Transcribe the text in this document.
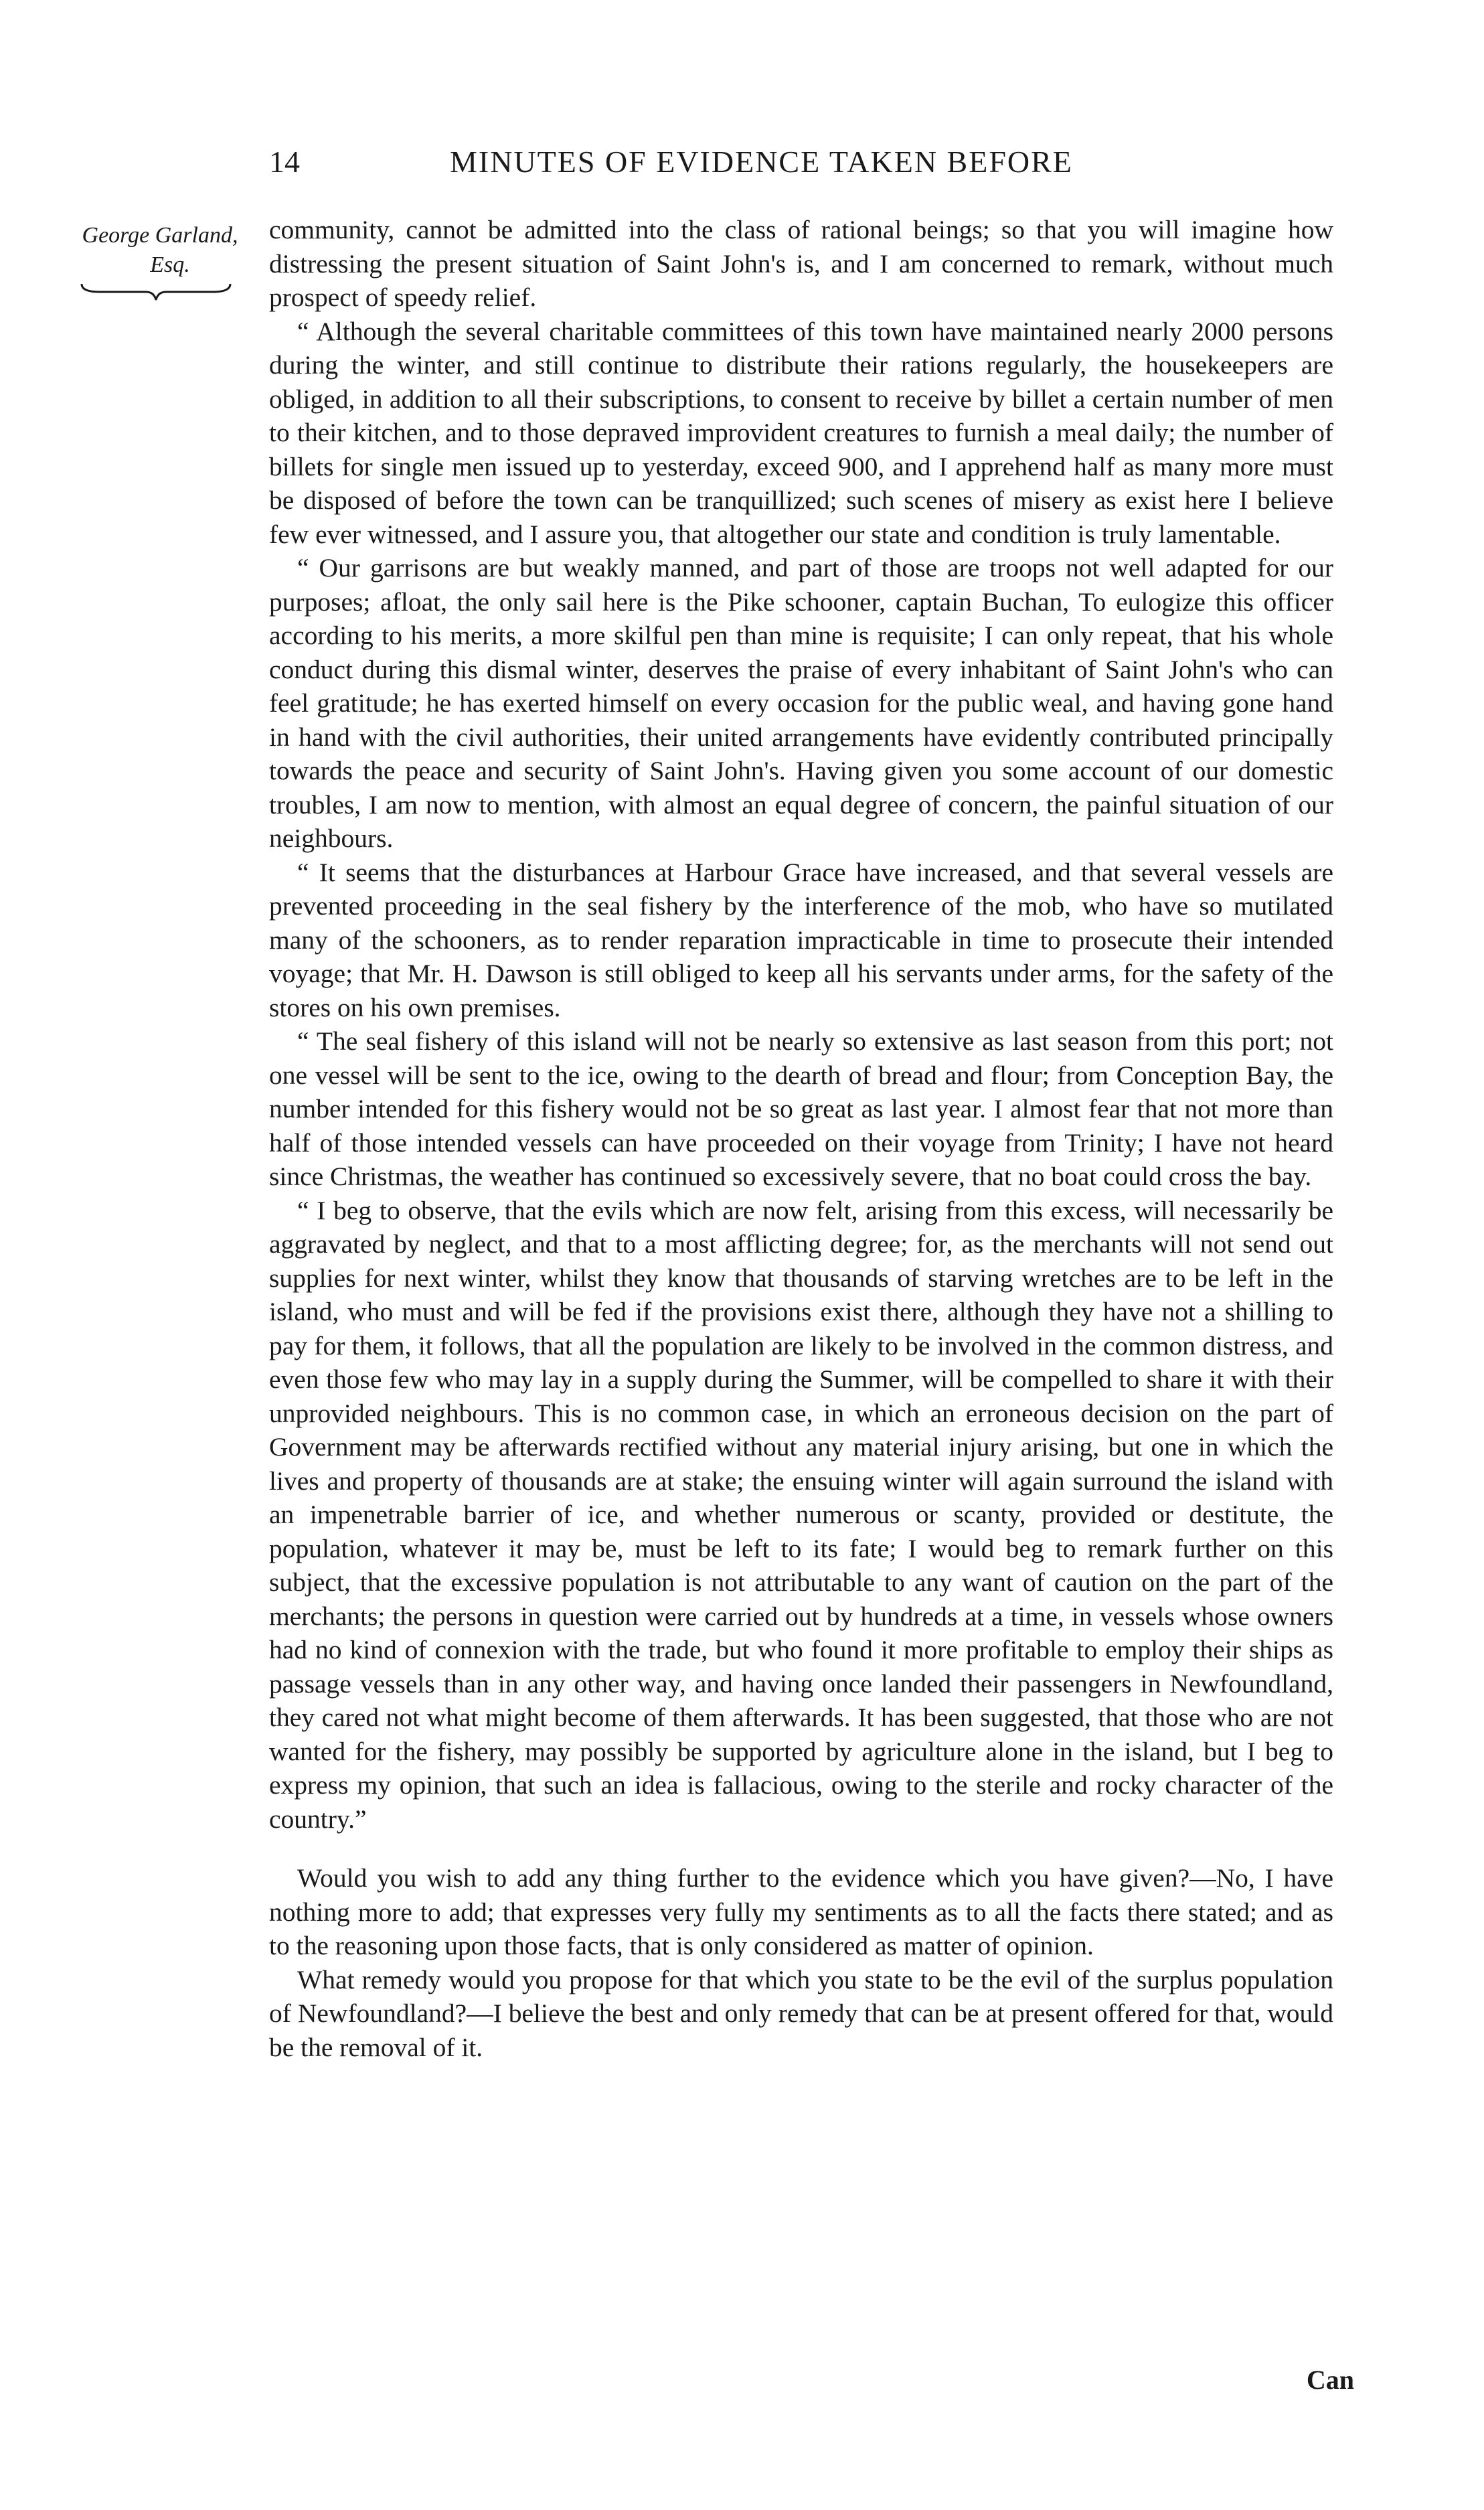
14	MINUTES OF EVIDENCE TAKEN BEFORE
George Garland,
Esq.

community, cannot be admitted into the class of rational beings; so that you will imagine how distressing the present situation of Saint John's is, and I am concerned to remark, without much prospect of speedy relief.

“ Although the several charitable committees of this town have maintained nearly 2000 persons during the winter, and still continue to distribute their rations regularly, the housekeepers are obliged, in addition to all their subscriptions, to consent to receive by billet a certain number of men to their kitchen, and to those depraved improvident creatures to furnish a meal daily; the number of billets for single men issued up to yesterday, exceed 900, and I apprehend half as many more must be disposed of before the town can be tranquillized; such scenes of misery as exist here I believe few ever witnessed, and I assure you, that altogether our state and condition is truly lamentable.

“ Our garrisons are but weakly manned, and part of those are troops not well adapted for our purposes; afloat, the only sail here is the Pike schooner, captain Buchan, To eulogize this officer according to his merits, a more skilful pen than mine is requisite; I can only repeat, that his whole conduct during this dismal winter, deserves the praise of every inhabitant of Saint John's who can feel gratitude; he has exerted himself on every occasion for the public weal, and having gone hand in hand with the civil authorities, their united arrangements have evidently contributed principally towards the peace and security of Saint John's. Having given you some account of our domestic troubles, I am now to mention, with almost an equal degree of concern, the painful situation of our neighbours.

“ It seems that the disturbances at Harbour Grace have increased, and that several vessels are prevented proceeding in the seal fishery by the interference of the mob, who have so mutilated many of the schooners, as to render reparation impracticable in time to prosecute their intended voyage; that Mr. H. Dawson is still obliged to keep all his servants under arms, for the safety of the stores on his own premises.

“ The seal fishery of this island will not be nearly so extensive as last season from this port; not one vessel will be sent to the ice, owing to the dearth of bread and flour; from Conception Bay, the number intended for this fishery would not be so great as last year. I almost fear that not more than half of those intended vessels can have proceeded on their voyage from Trinity; I have not heard since Christmas, the weather has continued so excessively severe, that no boat could cross the bay.

“ I beg to observe, that the evils which are now felt, arising from this excess, will necessarily be aggravated by neglect, and that to a most afflicting degree; for, as the merchants will not send out supplies for next winter, whilst they know that thousands of starving wretches are to be left in the island, who must and will be fed if the provisions exist there, although they have not a shilling to pay for them, it follows, that all the population are likely to be involved in the common distress, and even those few who may lay in a supply during the Summer, will be compelled to share it with their unprovided neighbours. This is no common case, in which an erroneous decision on the part of Government may be afterwards rectified without any material injury arising, but one in which the lives and property of thousands are at stake; the ensuing winter will again surround the island with an impenetrable barrier of ice, and whether numerous or scanty, provided or destitute, the population, whatever it may be, must be left to its fate; I would beg to remark further on this subject, that the excessive population is not attributable to any want of caution on the part of the merchants; the persons in question were carried out by hundreds at a time, in vessels whose owners had no kind of connexion with the trade, but who found it more profitable to employ their ships as passage vessels than in any other way, and having once landed their passengers in Newfoundland, they cared not what might become of them afterwards. It has been suggested, that those who are not wanted for the fishery, may possibly be supported by agriculture alone in the island, but I beg to express my opinion, that such an idea is fallacious, owing to the sterile and rocky character of the country.”

Would you wish to add any thing further to the evidence which you have given?—No, I have nothing more to add; that expresses very fully my sentiments as to all the facts there stated; and as to the reasoning upon those facts, that is only considered as matter of opinion.

What remedy would you propose for that which you state to be the evil of the surplus population of Newfoundland?—I believe the best and only remedy that can be at present offered for that, would be the removal of it.

Can
